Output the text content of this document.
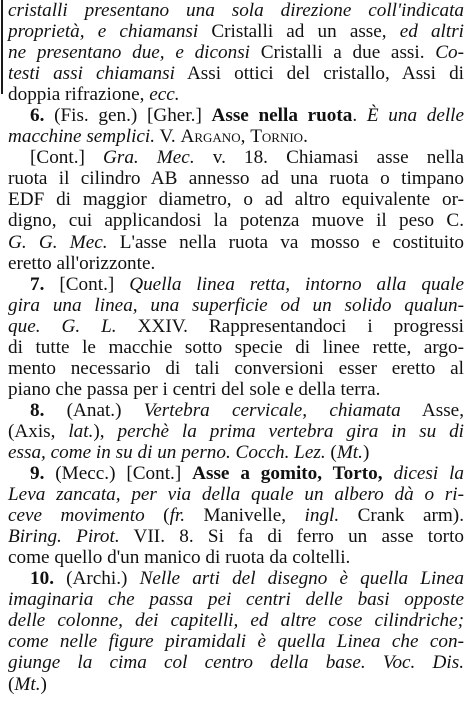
cristalli presentano una sola direzione coll'indicata
proprietà, e chiamansi Cristalli ad un asse, ed altri
ne presentano due, e diconsi Cristalli a due assi. Co-
testi assi chiamansi Assi ottici del cristallo, Assi di
doppia rifrazione, ecc.
6. (Fis. gen.) [Gher.] Asse nella ruota. È una delle
macchine semplici. V. Argano, Tornio.
[Cont.] Gra. Mec. v. 18. Chiamasi asse nella
ruota il cilindro AB annesso ad una ruota o timpano
EDF di maggior diametro, o ad altro equivalente or-
digno, cui applicandosi la potenza muove il peso C.
G. G. Mec. L'asse nella ruota va mosso e costituito
eretto all'orizzonte.
7. [Cont.] Quella linea retta, intorno alla quale
gira una linea, una superficie od un solido qualun-
que. G. L. XXIV. Rappresentandoci i progressi
di tutte le macchie sotto specie di linee rette, argo-
mento necessario di tali conversioni esser eretto al
piano che passa per i centri del sole e della terra.
8. (Anat.) Vertebra cervicale, chiamata Asse,
(Axis, lat.), perchè la prima vertebra gira in su di
essa, come in su di un perno. Cocch. Lez. (Mt.)
9. (Mecc.) [Cont.] Asse a gomito, Torto, dicesi la
Leva zancata, per via della quale un albero dà o ri-
ceve movimento (fr. Manivelle, ingl. Crank arm).
Biring. Pirot. VII. 8. Si fa di ferro un asse torto
come quello d'un manico di ruota da coltelli.
10. (Archi.) Nelle arti del disegno è quella Linea
imaginaria che passa pei centri delle basi opposte
delle colonne, dei capitelli, ed altre cose cilindriche;
come nelle figure piramidali è quella Linea che con-
giunge la cima col centro della base. Voc. Dis.
(Mt.)
